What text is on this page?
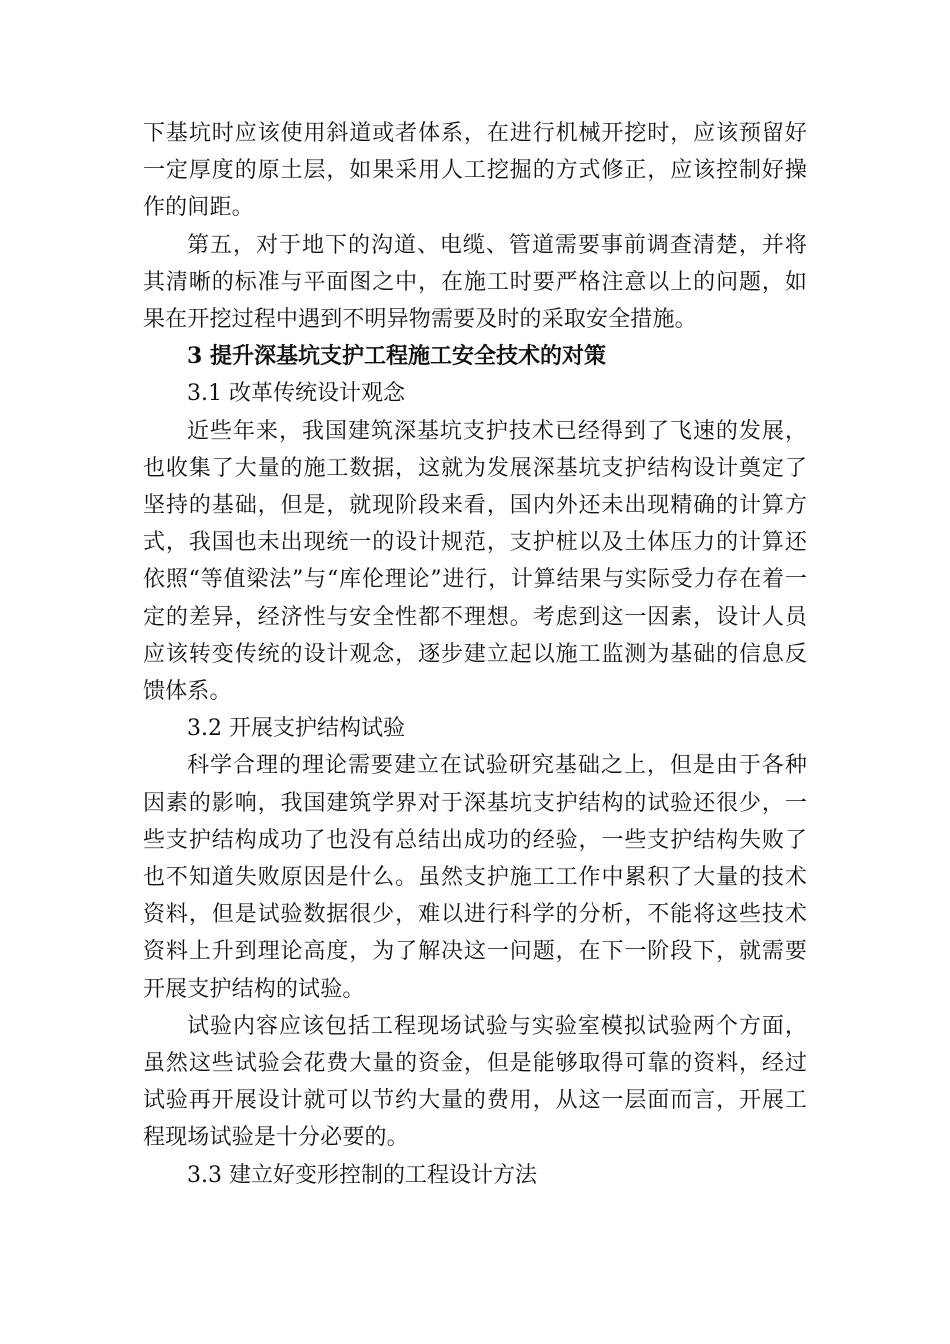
下基坑时应该使用斜道或者体系，在进行机械开挖时，应该预留好一定厚度的原土层，如果采用人工挖掘的方式修正，应该控制好操作的间距。

第五，对于地下的沟道、电缆、管道需要事前调查清楚，并将其清晰的标准与平面图之中，在施工时要严格注意以上的问题，如果在开挖过程中遇到不明异物需要及时的采取安全措施。

3 提升深基坑支护工程施工安全技术的对策

3.1 改革传统设计观念

近些年来，我国建筑深基坑支护技术已经得到了飞速的发展，也收集了大量的施工数据，这就为发展深基坑支护结构设计奠定了坚持的基础，但是，就现阶段来看，国内外还未出现精确的计算方式，我国也未出现统一的设计规范，支护桩以及土体压力的计算还依照“等值梁法”与“库伦理论”进行，计算结果与实际受力存在着一定的差异，经济性与安全性都不理想。考虑到这一因素，设计人员应该转变传统的设计观念，逐步建立起以施工监测为基础的信息反馈体系。

3.2 开展支护结构试验

科学合理的理论需要建立在试验研究基础之上，但是由于各种因素的影响，我国建筑学界对于深基坑支护结构的试验还很少，一些支护结构成功了也没有总结出成功的经验，一些支护结构失败了也不知道失败原因是什么。虽然支护施工工作中累积了大量的技术资料，但是试验数据很少，难以进行科学的分析，不能将这些技术资料上升到理论高度，为了解决这一问题，在下一阶段下，就需要开展支护结构的试验。

试验内容应该包括工程现场试验与实验室模拟试验两个方面，虽然这些试验会花费大量的资金，但是能够取得可靠的资料，经过试验再开展设计就可以节约大量的费用，从这一层面而言，开展工程现场试验是十分必要的。

3.3 建立好变形控制的工程设计方法
